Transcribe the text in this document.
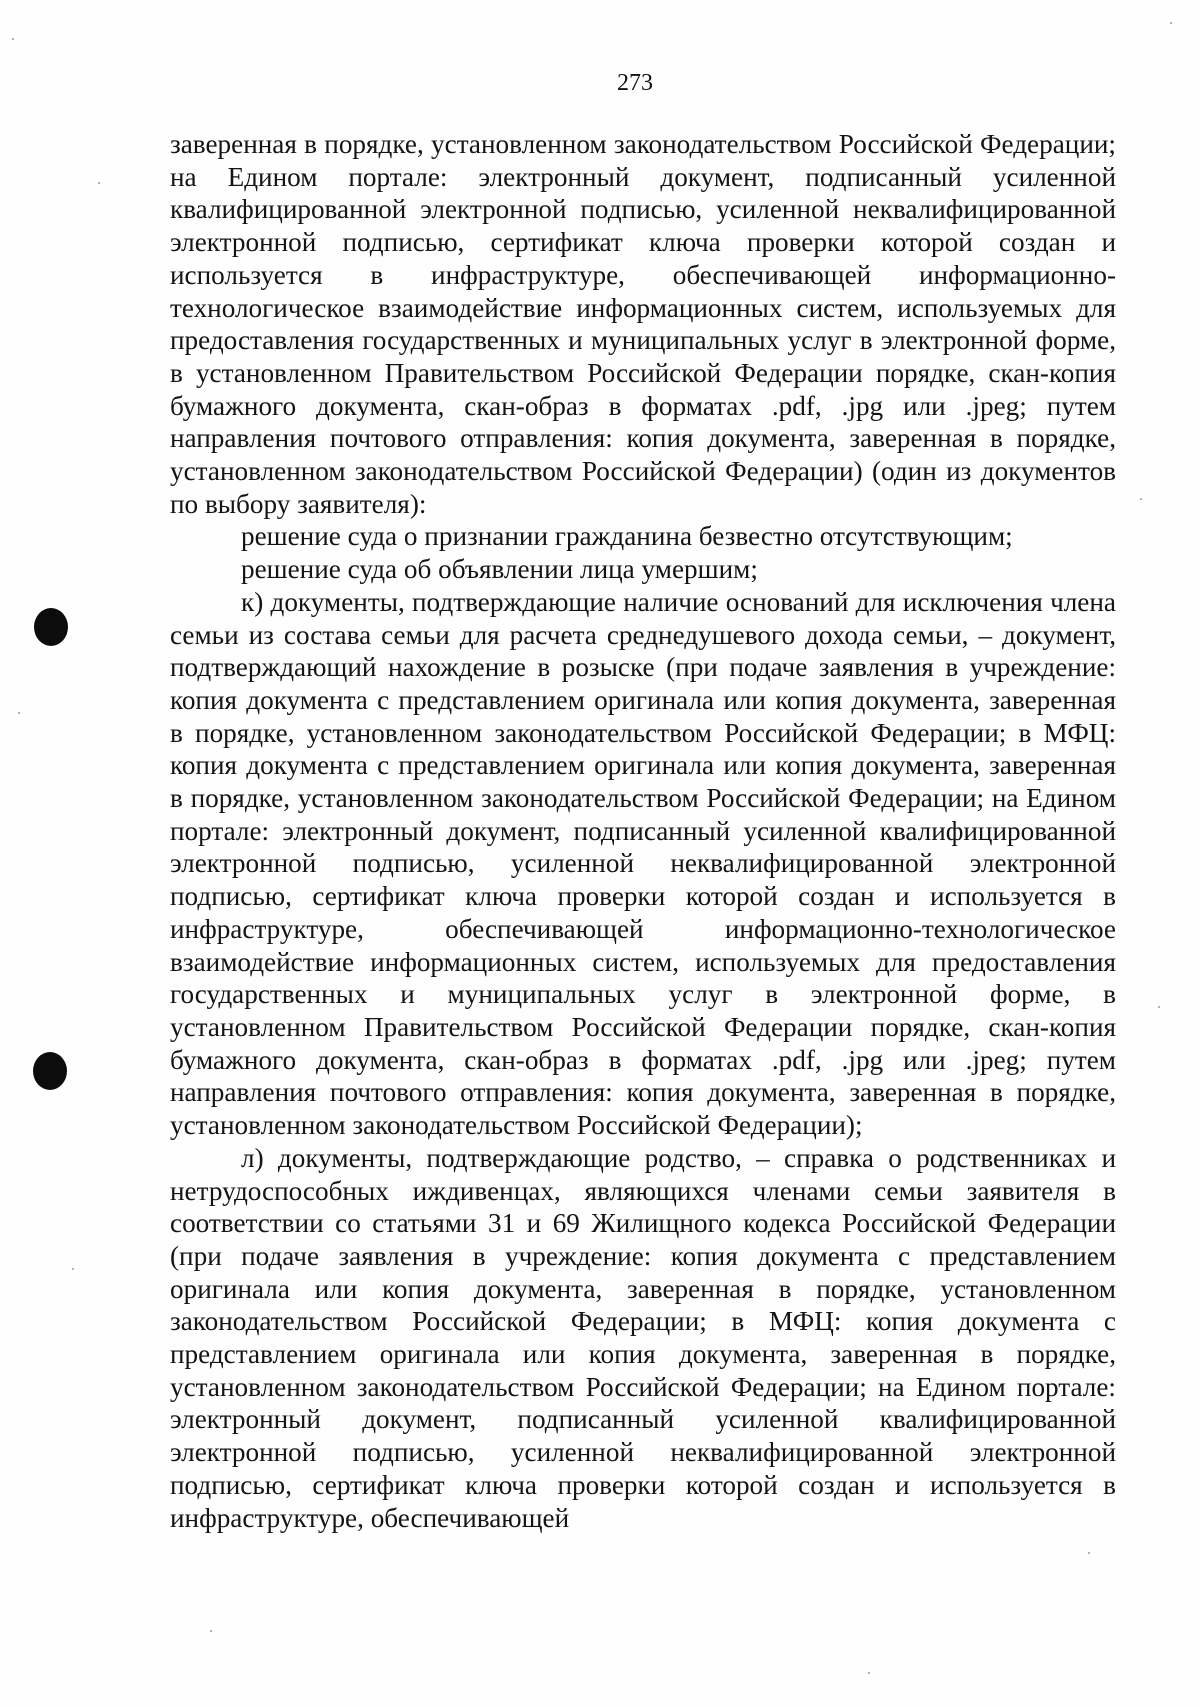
273

заверенная в порядке, установленном законодательством Российской Федерации; на Едином портале: электронный документ, подписанный усиленной квалифицированной электронной подписью, усиленной неквалифицированной электронной подписью, сертификат ключа проверки которой создан и используется в инфраструктуре, обеспечивающей информационно-технологическое взаимодействие информационных систем, используемых для предоставления государственных и муниципальных услуг в электронной форме, в установленном Правительством Российской Федерации порядке, скан-копия бумажного документа, скан-образ в форматах .pdf, .jpg или .jpeg; путем направления почтового отправления: копия документа, заверенная в порядке, установленном законодательством Российской Федерации) (один из документов по выбору заявителя):

решение суда о признании гражданина безвестно отсутствующим;

решение суда об объявлении лица умершим;

к) документы, подтверждающие наличие оснований для исключения члена семьи из состава семьи для расчета среднедушевого дохода семьи, – документ, подтверждающий нахождение в розыске (при подаче заявления в учреждение: копия документа с представлением оригинала или копия документа, заверенная в порядке, установленном законодательством Российской Федерации; в МФЦ: копия документа с представлением оригинала или копия документа, заверенная в порядке, установленном законодательством Российской Федерации; на Едином портале: электронный документ, подписанный усиленной квалифицированной электронной подписью, усиленной неквалифицированной электронной подписью, сертификат ключа проверки которой создан и используется в инфраструктуре, обеспечивающей информационно-технологическое взаимодействие информационных систем, используемых для предоставления государственных и муниципальных услуг в электронной форме, в установленном Правительством Российской Федерации порядке, скан-копия бумажного документа, скан-образ в форматах .pdf, .jpg или .jpeg; путем направления почтового отправления: копия документа, заверенная в порядке, установленном законодательством Российской Федерации);

л) документы, подтверждающие родство, – справка о родственниках и нетрудоспособных иждивенцах, являющихся членами семьи заявителя в соответствии со статьями 31 и 69 Жилищного кодекса Российской Федерации (при подаче заявления в учреждение: копия документа с представлением оригинала или копия документа, заверенная в порядке, установленном законодательством Российской Федерации; в МФЦ: копия документа с представлением оригинала или копия документа, заверенная в порядке, установленном законодательством Российской Федерации; на Едином портале: электронный документ, подписанный усиленной квалифицированной электронной подписью, усиленной неквалифицированной электронной подписью, сертификат ключа проверки которой создан и используется в инфраструктуре, обеспечивающей
